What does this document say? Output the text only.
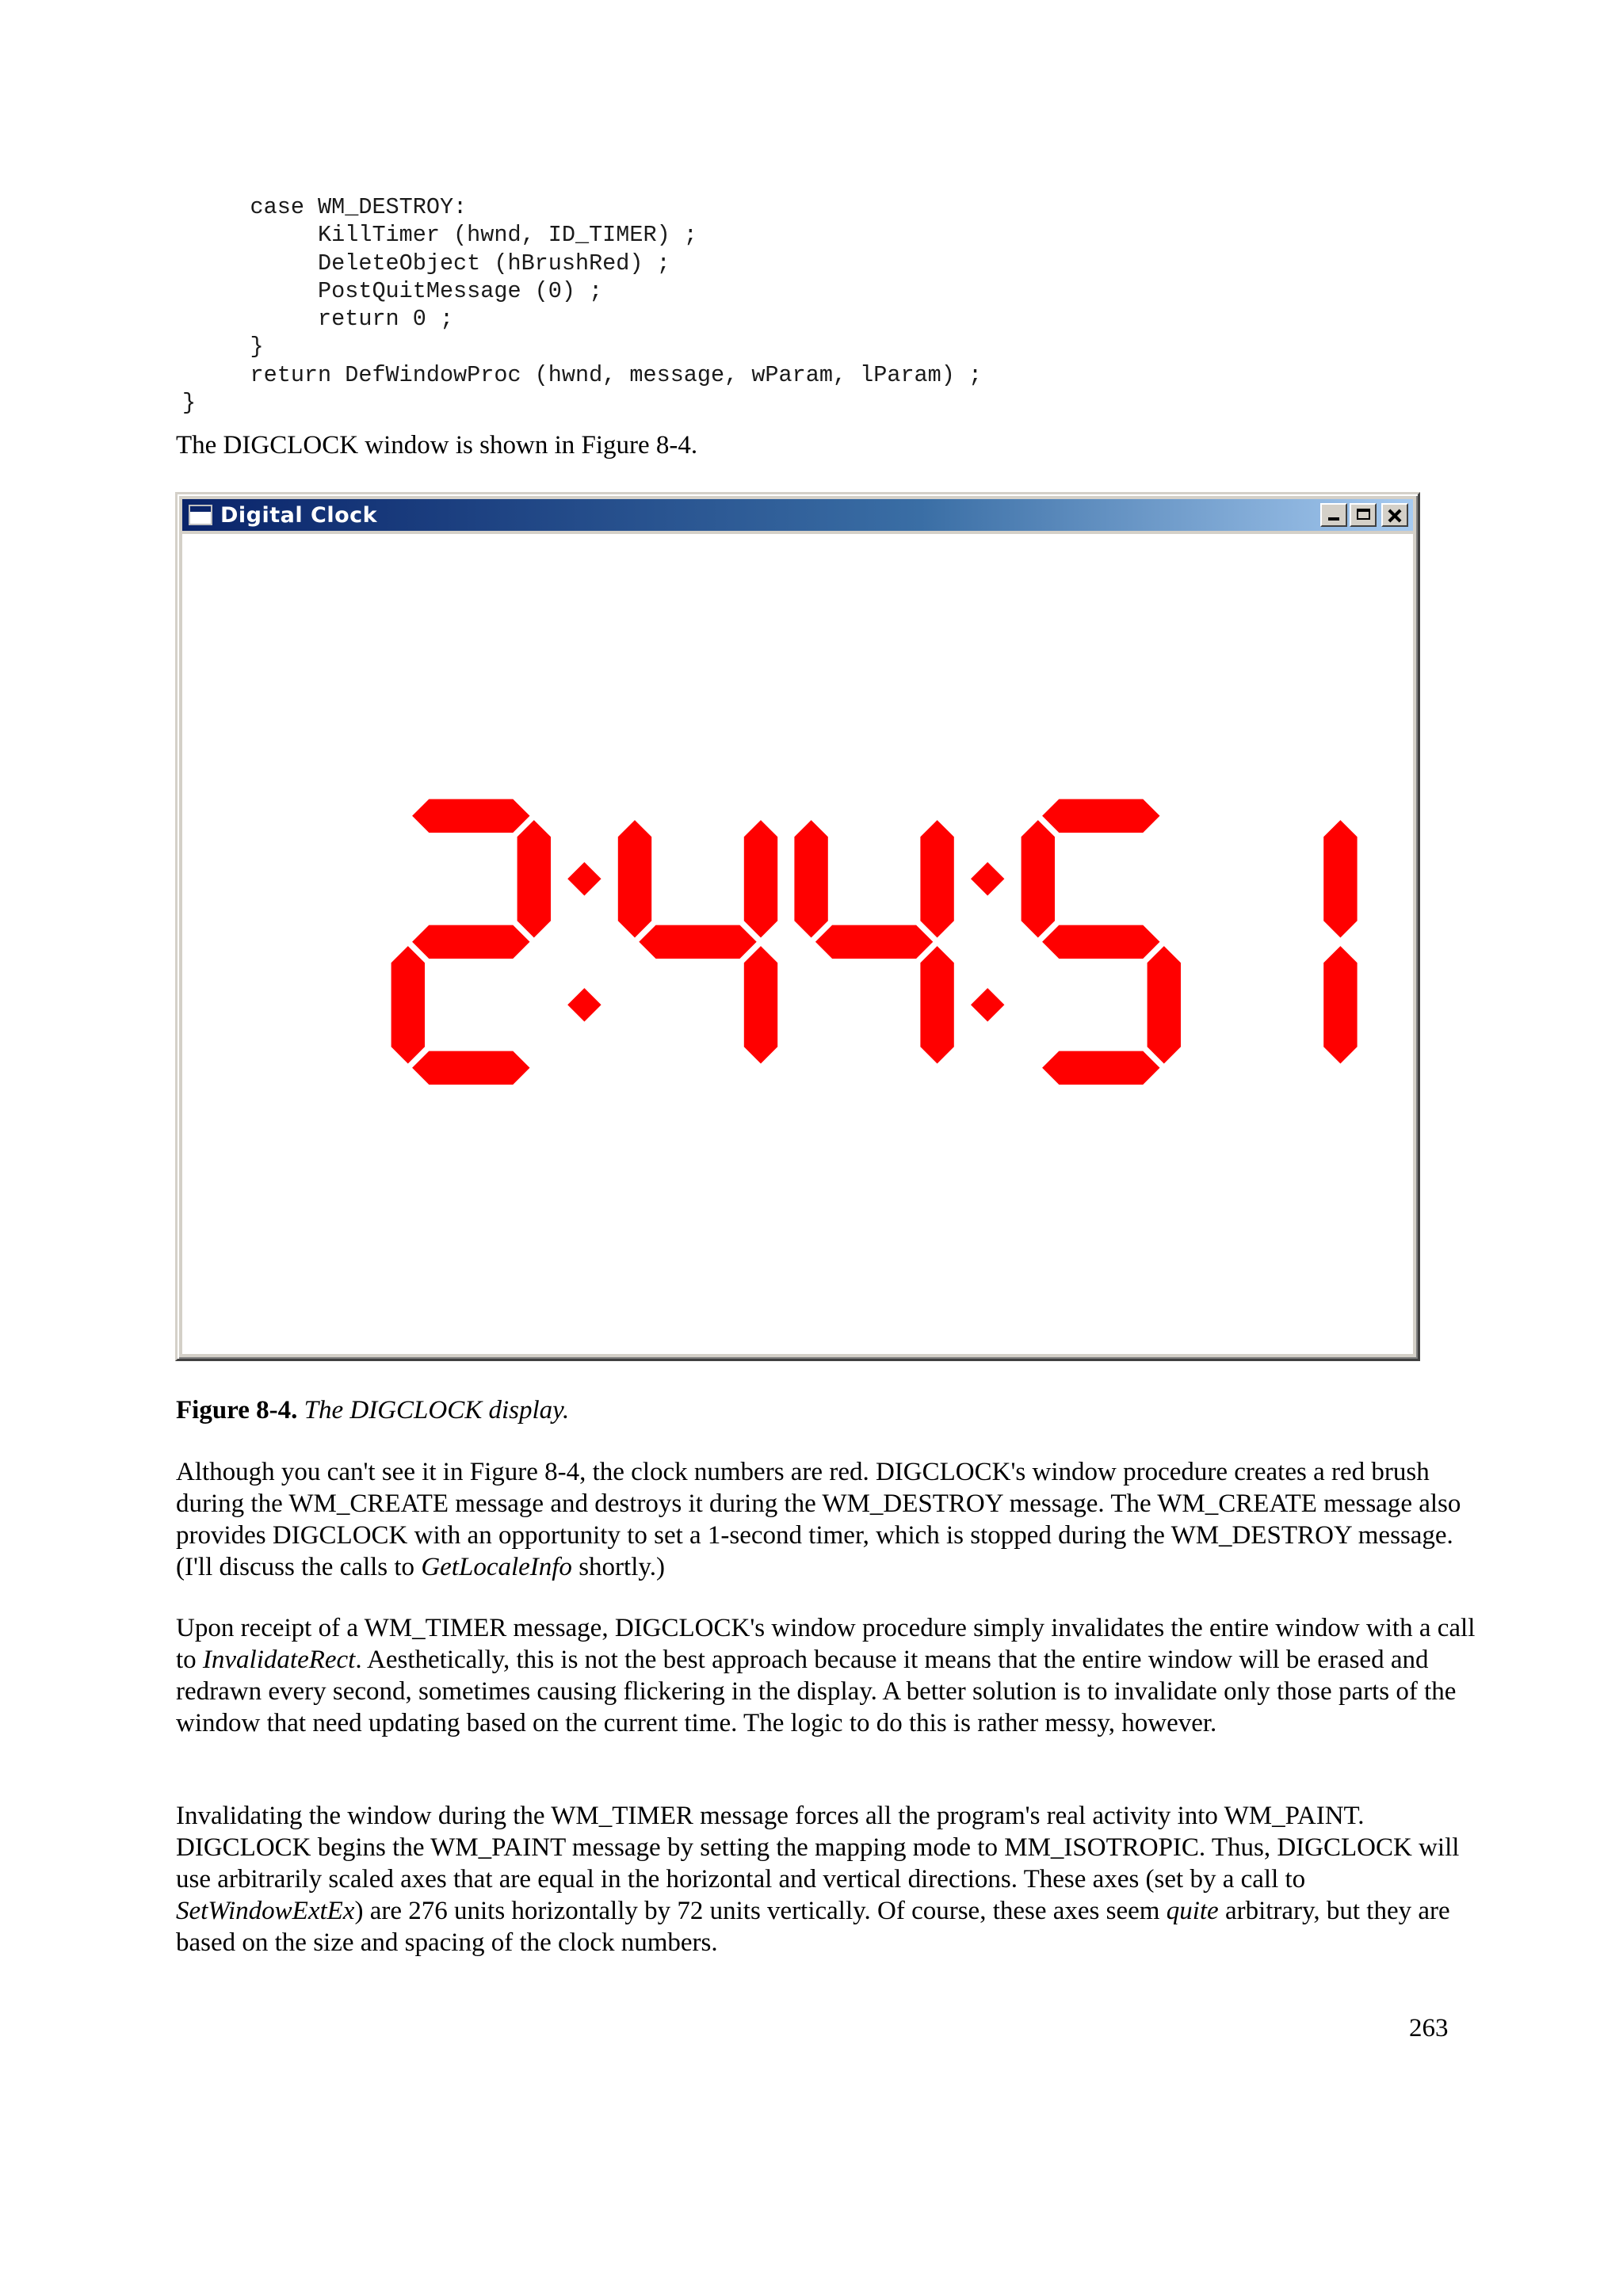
case WM_DESTROY:
KillTimer (hwnd, ID_TIMER) ;
DeleteObject (hBrushRed) ;
PostQuitMessage (0) ;
return 0 ;
}
return DefWindowProc (hwnd, message, wParam, lParam) ;
}

The DIGCLOCK window is shown in Figure 8-4.

Digital Clock

Figure 8-4. The DIGCLOCK display.

Although you can't see it in Figure 8-4, the clock numbers are red. DIGCLOCK's window procedure creates a red brush during the WM_CREATE message and destroys it during the WM_DESTROY message. The WM_CREATE message also provides DIGCLOCK with an opportunity to set a 1-second timer, which is stopped during the WM_DESTROY message. (I'll discuss the calls to GetLocaleInfo shortly.)

Upon receipt of a WM_TIMER message, DIGCLOCK's window procedure simply invalidates the entire window with a call to InvalidateRect. Aesthetically, this is not the best approach because it means that the entire window will be erased and redrawn every second, sometimes causing flickering in the display. A better solution is to invalidate only those parts of the window that need updating based on the current time. The logic to do this is rather messy, however.

Invalidating the window during the WM_TIMER message forces all the program's real activity into WM_PAINT. DIGCLOCK begins the WM_PAINT message by setting the mapping mode to MM_ISOTROPIC. Thus, DIGCLOCK will use arbitrarily scaled axes that are equal in the horizontal and vertical directions. These axes (set by a call to SetWindowExtEx) are 276 units horizontally by 72 units vertically. Of course, these axes seem quite arbitrary, but they are based on the size and spacing of the clock numbers.

263
